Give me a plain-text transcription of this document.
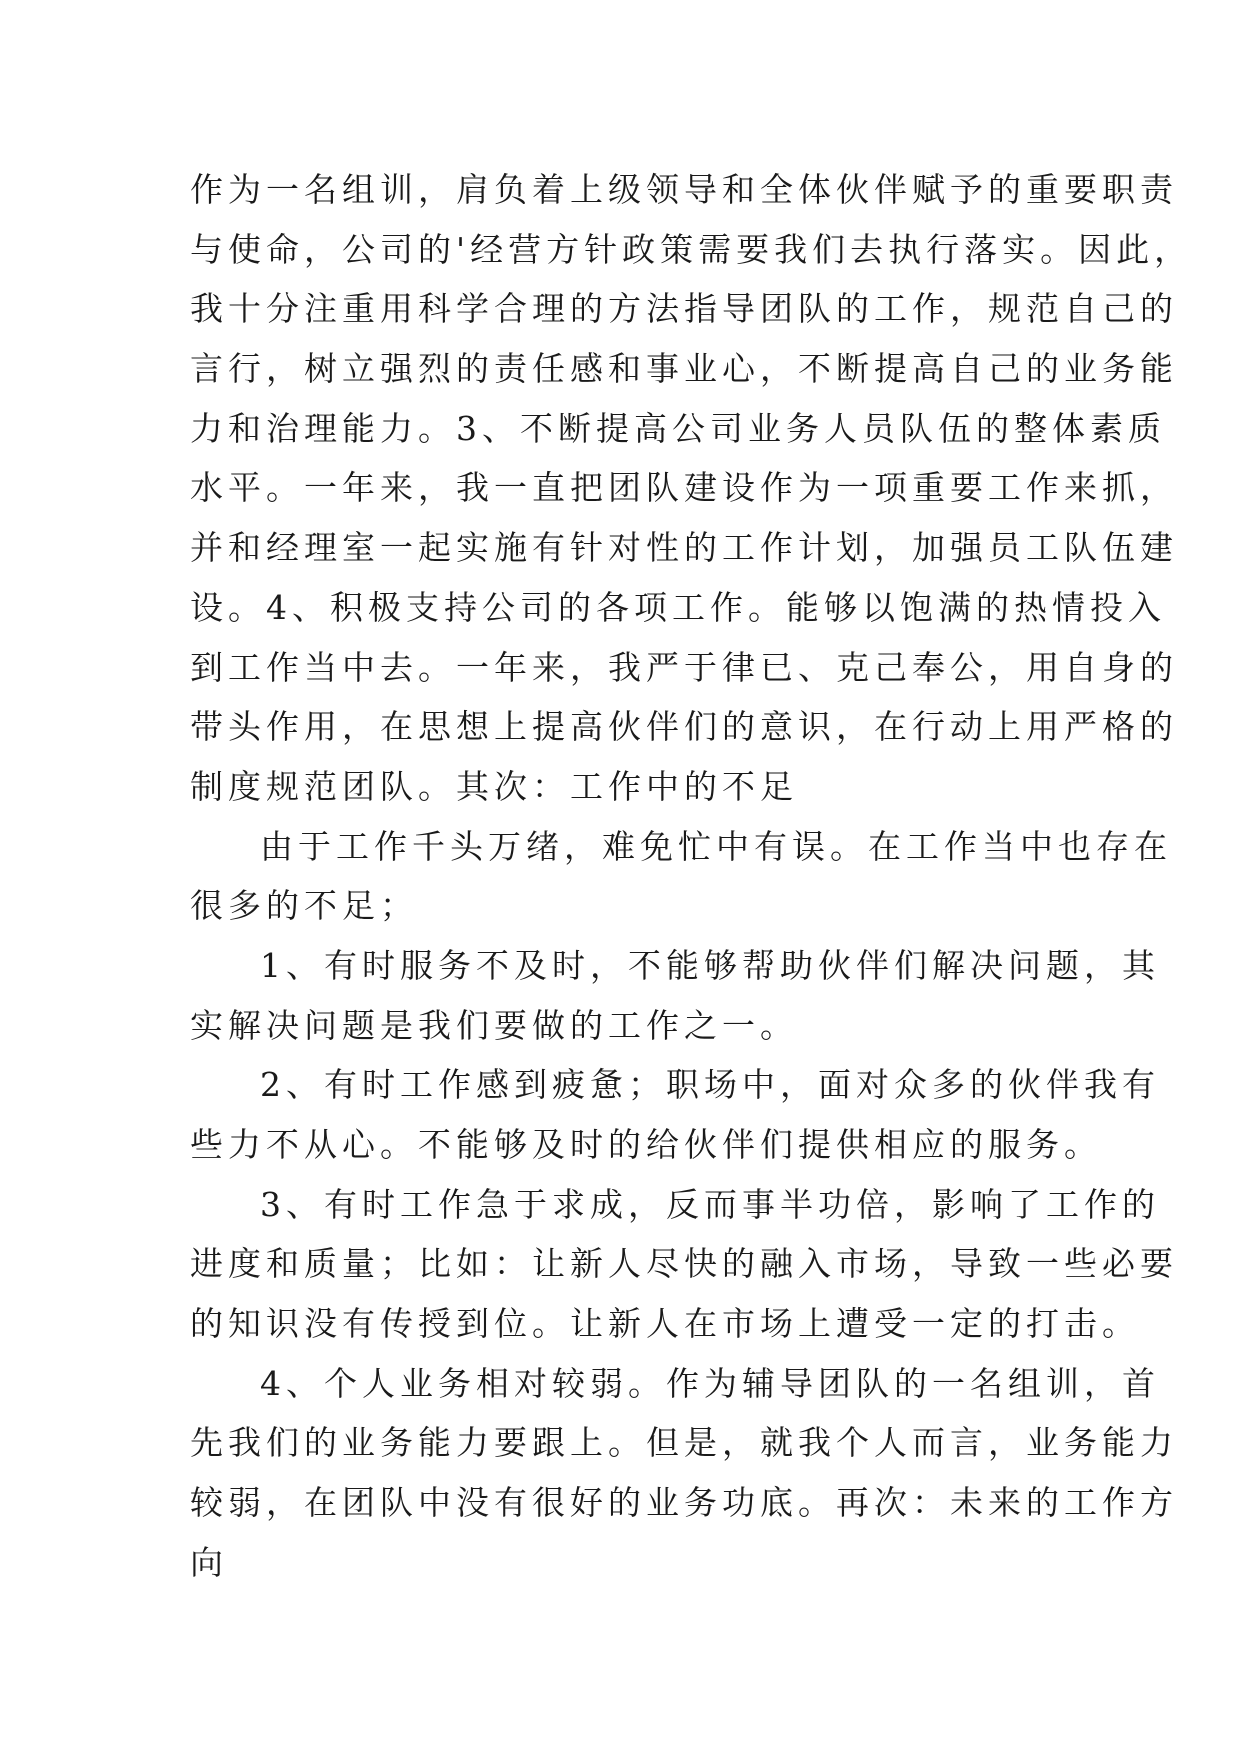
作为一名组训，肩负着上级领导和全体伙伴赋予的重要职责
与使命，公司的'经营方针政策需要我们去执行落实。因此，
我十分注重用科学合理的方法指导团队的工作，规范自己的
言行，树立强烈的责任感和事业心，不断提高自己的业务能
力和治理能力。3、不断提高公司业务人员队伍的整体素质
水平。一年来，我一直把团队建设作为一项重要工作来抓，
并和经理室一起实施有针对性的工作计划，加强员工队伍建
设。4、积极支持公司的各项工作。能够以饱满的热情投入
到工作当中去。一年来，我严于律已、克己奉公，用自身的
带头作用，在思想上提高伙伴们的意识，在行动上用严格的
制度规范团队。其次：工作中的不足
由于工作千头万绪，难免忙中有误。在工作当中也存在
很多的不足；
1、有时服务不及时，不能够帮助伙伴们解决问题，其
实解决问题是我们要做的工作之一。
2、有时工作感到疲惫；职场中，面对众多的伙伴我有
些力不从心。不能够及时的给伙伴们提供相应的服务。
3、有时工作急于求成，反而事半功倍，影响了工作的
进度和质量；比如：让新人尽快的融入市场，导致一些必要
的知识没有传授到位。让新人在市场上遭受一定的打击。
4、个人业务相对较弱。作为辅导团队的一名组训，首
先我们的业务能力要跟上。但是，就我个人而言，业务能力
较弱，在团队中没有很好的业务功底。再次：未来的工作方
向
